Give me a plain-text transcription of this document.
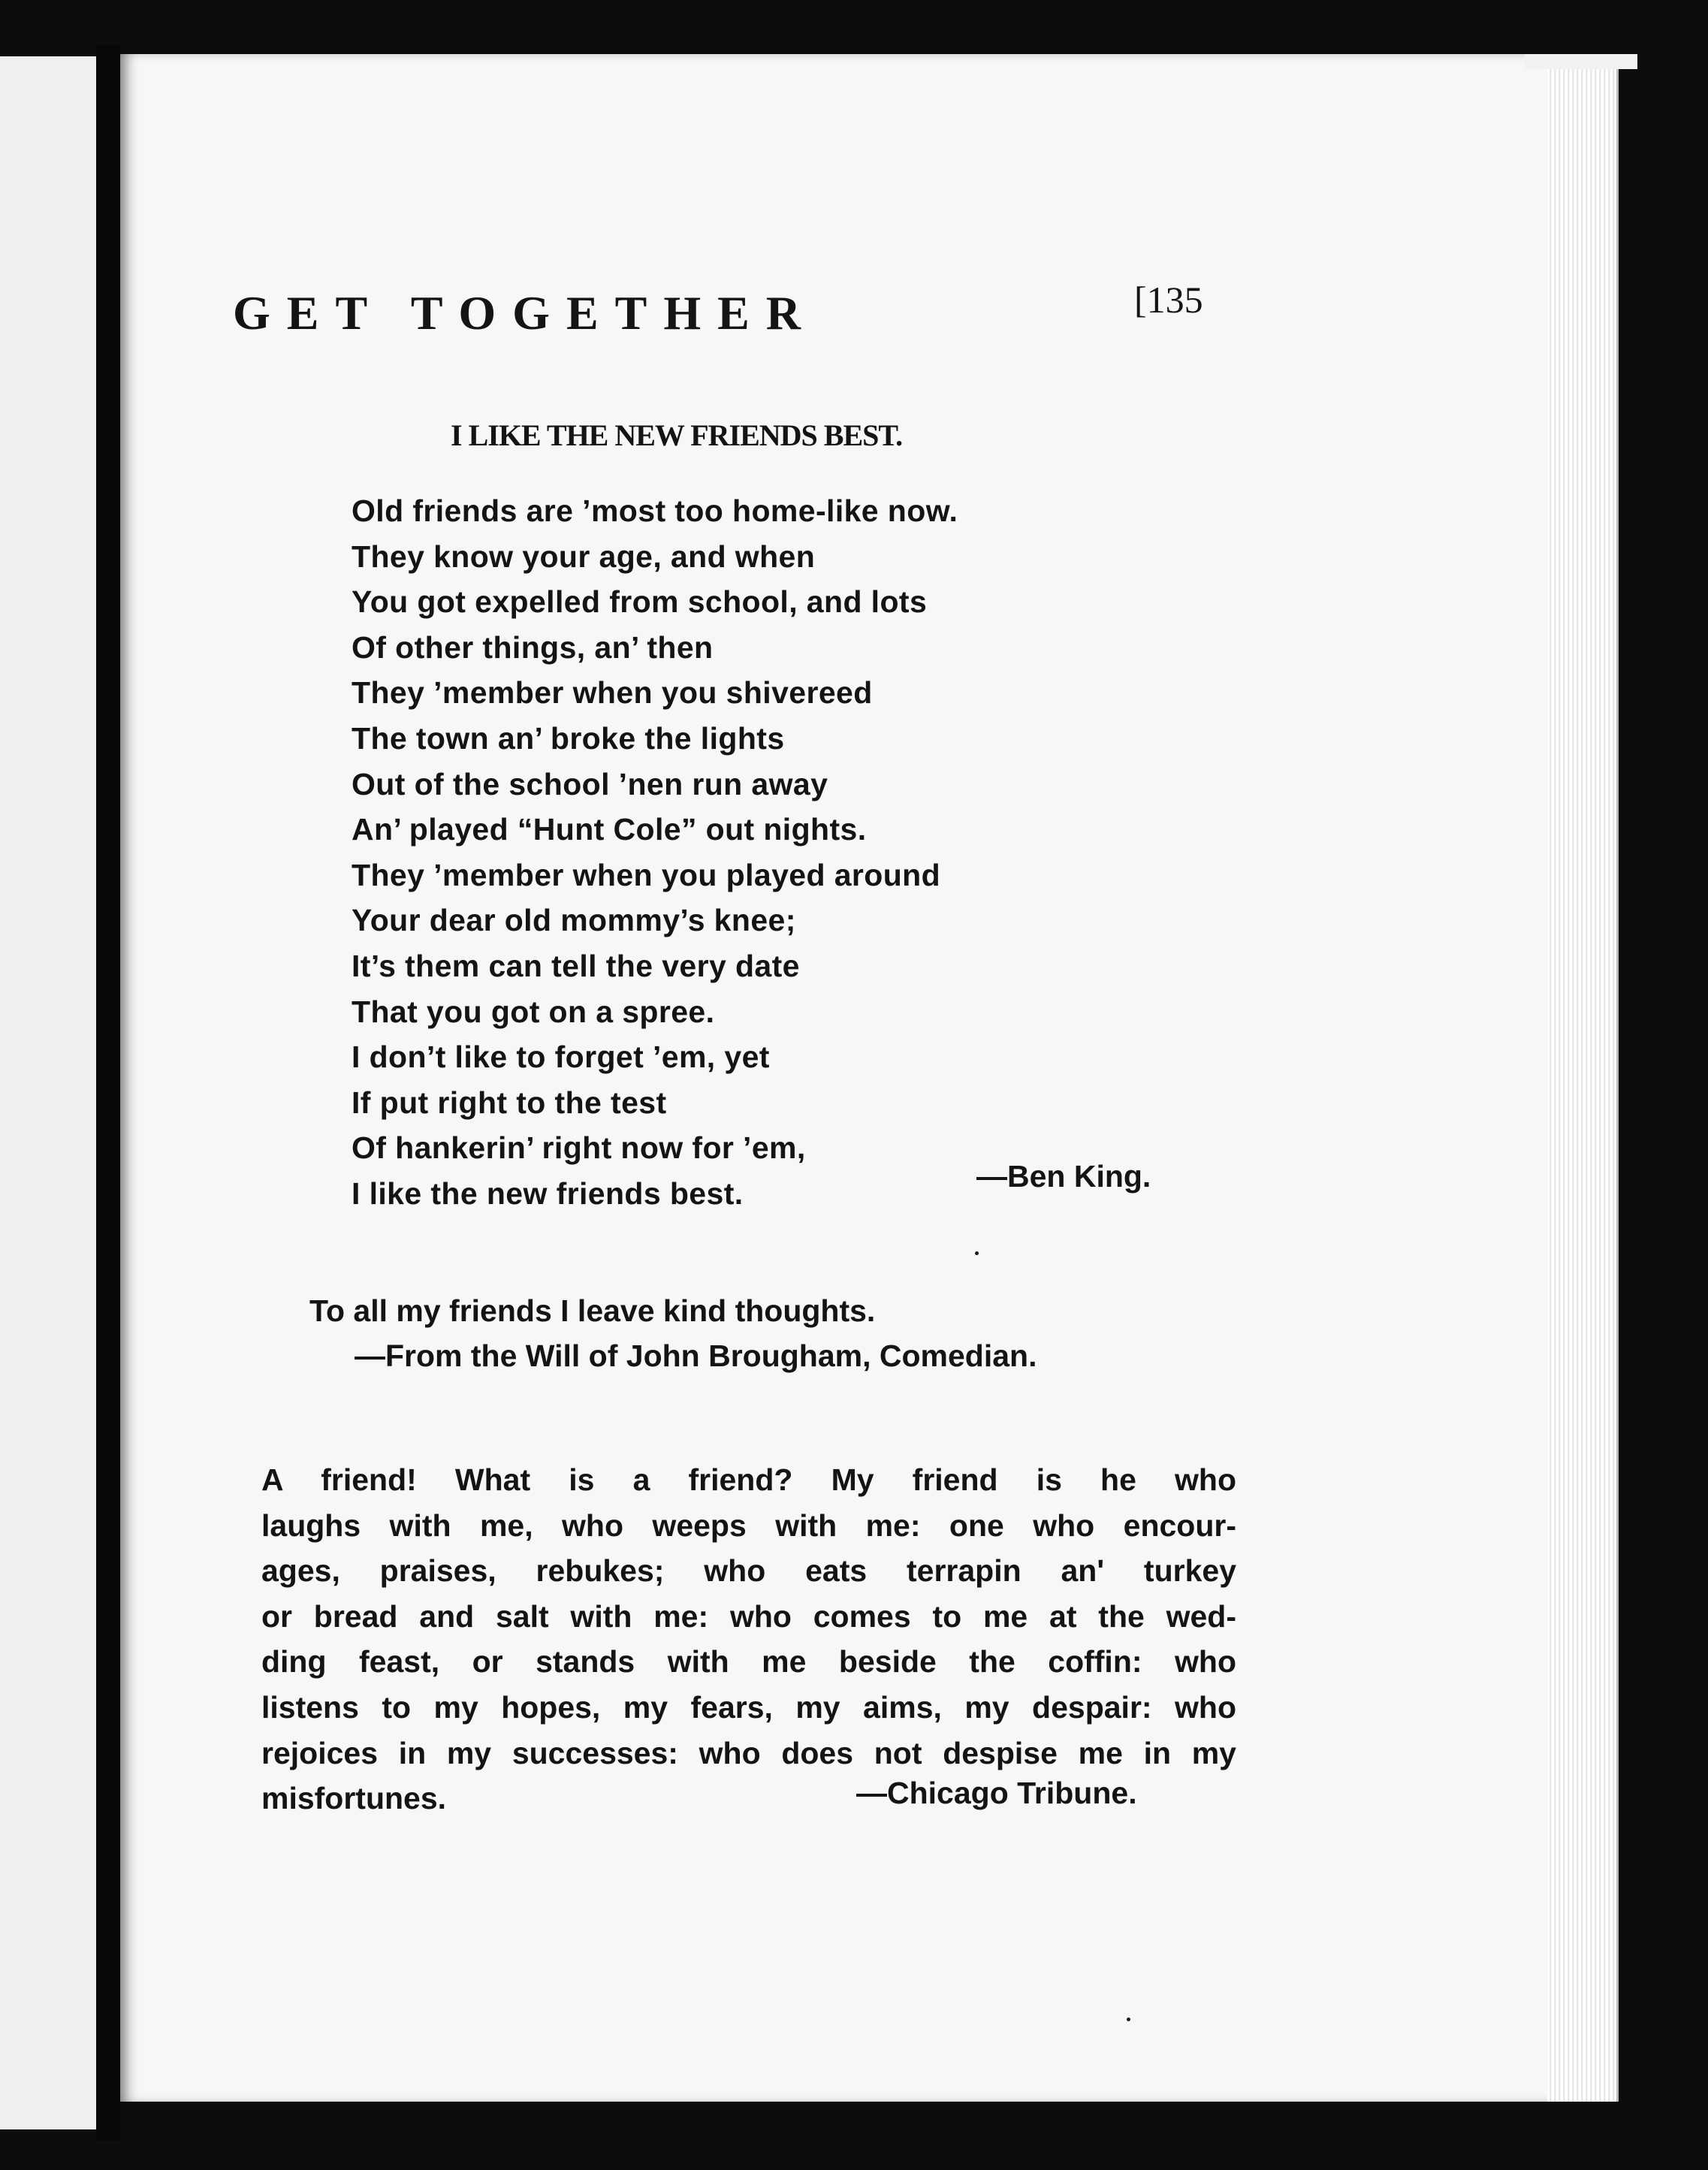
GET TOGETHER	[135
I LIKE THE NEW FRIENDS BEST.
Old friends are ’most too home-like now.
They know your age, and when
You got expelled from school, and lots
Of other things, an’ then
They ’member when you shivereed
The town an’ broke the lights
Out of the school ’nen run away
An’ played “Hunt Cole” out nights.
They ’member when you played around
Your dear old mommy’s knee;
It’s them can tell the very date
That you got on a spree.
I don’t like to forget ’em, yet
If put right to the test
Of hankerin’ right now for ’em,
I like the new friends best.	—Ben King.
To all my friends I leave kind thoughts.
—From the Will of John Brougham, Comedian.
A friend! What is a friend? My friend is he who
laughs with me, who weeps with me: one who encour-
ages, praises, rebukes; who eats terrapin an' turkey
or bread and salt with me: who comes to me at the wed-
ding feast, or stands with me beside the coffin: who
listens to my hopes, my fears, my aims, my despair: who
rejoices in my successes: who does not despise me in my
misfortunes.	—Chicago Tribune.
